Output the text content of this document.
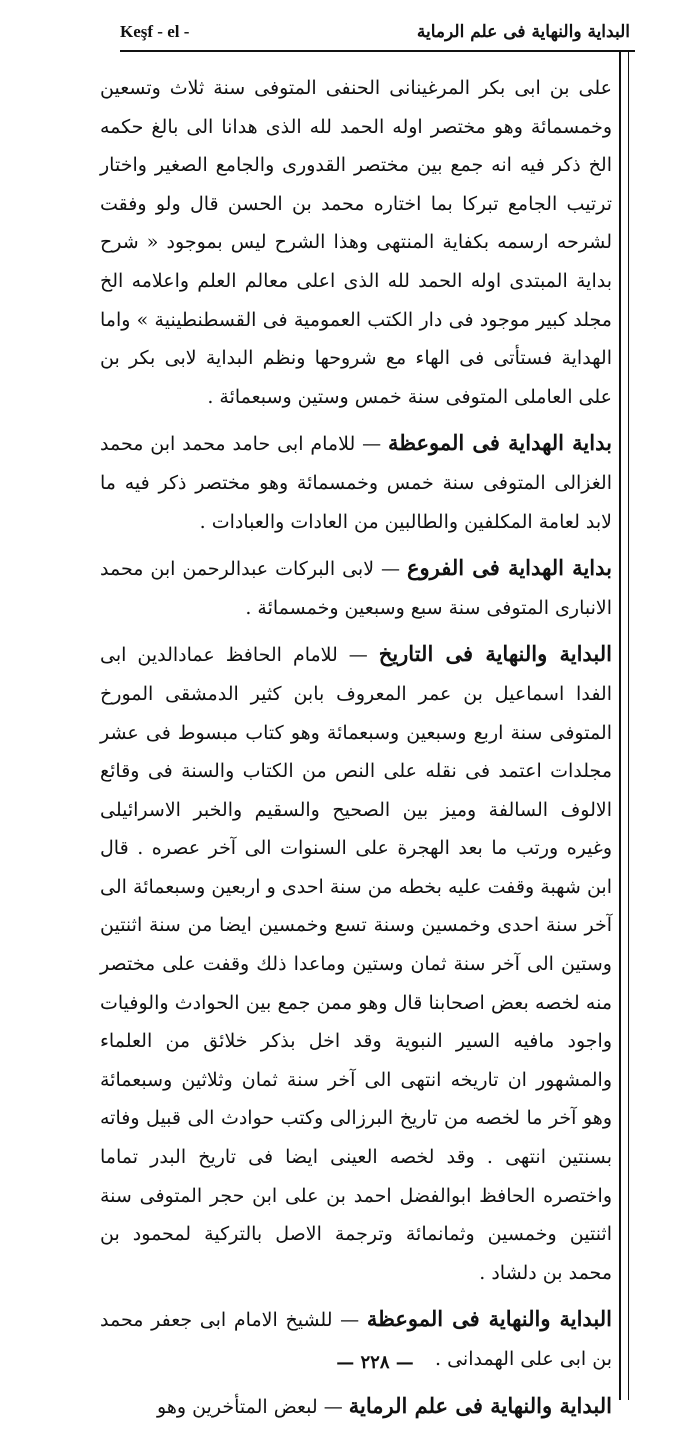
Keşf - el -	البداية والنهاية فى علم الرماية

على بن ابى بكر المرغينانى الحنفى المتوفى سنة ثلاث وتسعين وخمسمائة وهو مختصر اوله الحمد لله الذى هدانا الى بالغ حكمه الخ ذكر فيه انه جمع بين مختصر القدورى والجامع الصغير واختار ترتيب الجامع تبركا بما اختاره محمد بن الحسن قال ولو وفقت لشرحه ارسمه بكفاية المنتهى وهذا الشرح ليس بموجود « شرح بداية المبتدى اوله الحمد لله الذى اعلى معالم العلم واعلامه الخ مجلد كبير موجود فى دار الكتب العمومية فى القسطنطينية » واما الهداية فستأتى فى الهاء مع شروحها ونظم البداية لابى بكر بن على العاملى المتوفى سنة خمس وستين وسبعمائة .

بداية الهداية فى الموعظة — للامام ابى حامد محمد ابن محمد الغزالى المتوفى سنة خمس وخمسمائة وهو مختصر ذكر فيه ما لابد لعامة المكلفين والطالبين من العادات والعبادات .

بداية الهداية فى الفروع — لابى البركات عبدالرحمن ابن محمد الانبارى المتوفى سنة سبع وسبعين وخمسمائة .

البداية والنهاية فى التاريخ — للامام الحافظ عمادالدين ابى الفدا اسماعيل بن عمر المعروف بابن كثير الدمشقى المورخ المتوفى سنة اربع وسبعين وسبعمائة وهو كتاب مبسوط فى عشر مجلدات اعتمد فى نقله على النص من الكتاب والسنة فى وقائع الالوف السالفة وميز بين الصحيح والسقيم والخبر الاسرائيلى وغيره ورتب ما بعد الهجرة على السنوات الى آخر عصره . قال ابن شهبة وقفت عليه بخطه من سنة احدى و اربعين وسبعمائة الى آخر سنة احدى وخمسين وسنة تسع وخمسين ايضا من سنة اثنتين وستين الى آخر سنة ثمان وستين وماعدا ذلك وقفت على مختصر منه لخصه بعض اصحابنا قال وهو ممن جمع بين الحوادث والوفيات واجود مافيه السير النبوية وقد اخل بذكر خلائق من العلماء والمشهور ان تاريخه انتهى الى آخر سنة ثمان وثلاثين وسبعمائة وهو آخر ما لخصه من تاريخ البرزالى وكتب حوادث الى قبيل وفاته بسنتين انتهى . وقد لخصه العينى ايضا فى تاريخ البدر تماما واختصره الحافظ ابوالفضل احمد بن على ابن حجر المتوفى سنة اثنتين وخمسين وثمانمائة وترجمة الاصل بالتركية لمحمود بن محمد بن دلشاد .

البداية والنهاية فى الموعظة — للشيخ الامام ابى جعفر محمد بن ابى على الهمدانى .

البداية والنهاية فى علم الرماية — لبعض المتأخرين وهو

— ٢٢٨ —
